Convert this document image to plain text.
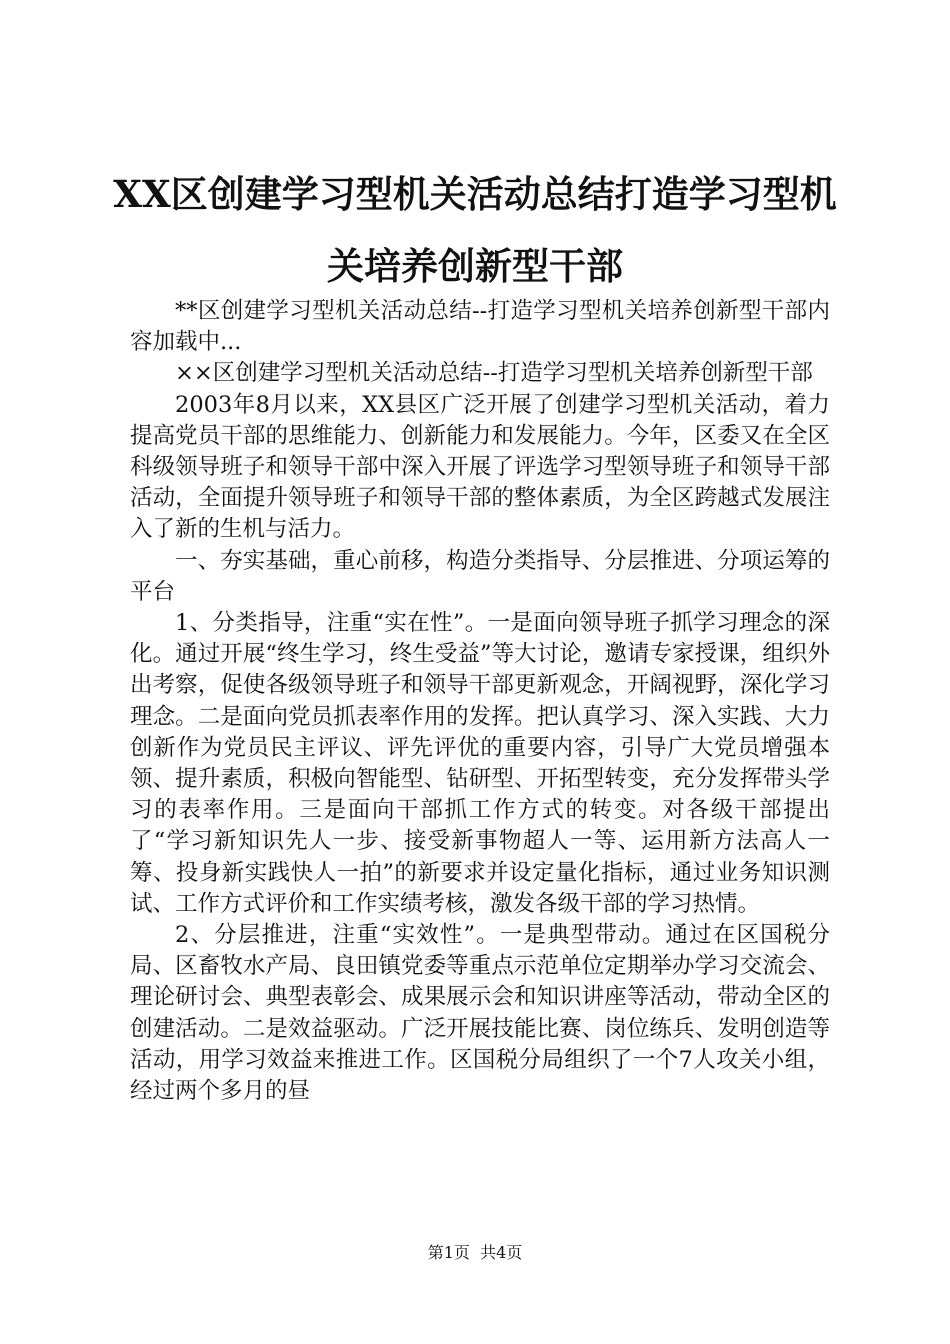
XX区创建学习型机关活动总结打造学习型机
关培养创新型干部

**区创建学习型机关活动总结--打造学习型机关培养创新型干部内容加载中...

××区创建学习型机关活动总结--打造学习型机关培养创新型干部

2003年8月以来，XX县区广泛开展了创建学习型机关活动，着力提高党员干部的思维能力、创新能力和发展能力。今年，区委又在全区科级领导班子和领导干部中深入开展了评选学习型领导班子和领导干部活动，全面提升领导班子和领导干部的整体素质，为全区跨越式发展注入了新的生机与活力。

一、夯实基础，重心前移，构造分类指导、分层推进、分项运筹的平台

1、分类指导，注重“实在性”。一是面向领导班子抓学习理念的深化。通过开展“终生学习，终生受益”等大讨论，邀请专家授课，组织外出考察，促使各级领导班子和领导干部更新观念，开阔视野，深化学习理念。二是面向党员抓表率作用的发挥。把认真学习、深入实践、大力创新作为党员民主评议、评先评优的重要内容，引导广大党员增强本领、提升素质，积极向智能型、钻研型、开拓型转变，充分发挥带头学习的表率作用。三是面向干部抓工作方式的转变。对各级干部提出了“学习新知识先人一步、接受新事物超人一等、运用新方法高人一筹、投身新实践快人一拍”的新要求并设定量化指标，通过业务知识测试、工作方式评价和工作实绩考核，激发各级干部的学习热情。

2、分层推进，注重“实效性”。一是典型带动。通过在区国税分局、区畜牧水产局、良田镇党委等重点示范单位定期举办学习交流会、理论研讨会、典型表彰会、成果展示会和知识讲座等活动，带动全区的创建活动。二是效益驱动。广泛开展技能比赛、岗位练兵、发明创造等活动，用学习效益来推进工作。区国税分局组织了一个7人攻关小组，经过两个多月的昼

第1页  共4页
